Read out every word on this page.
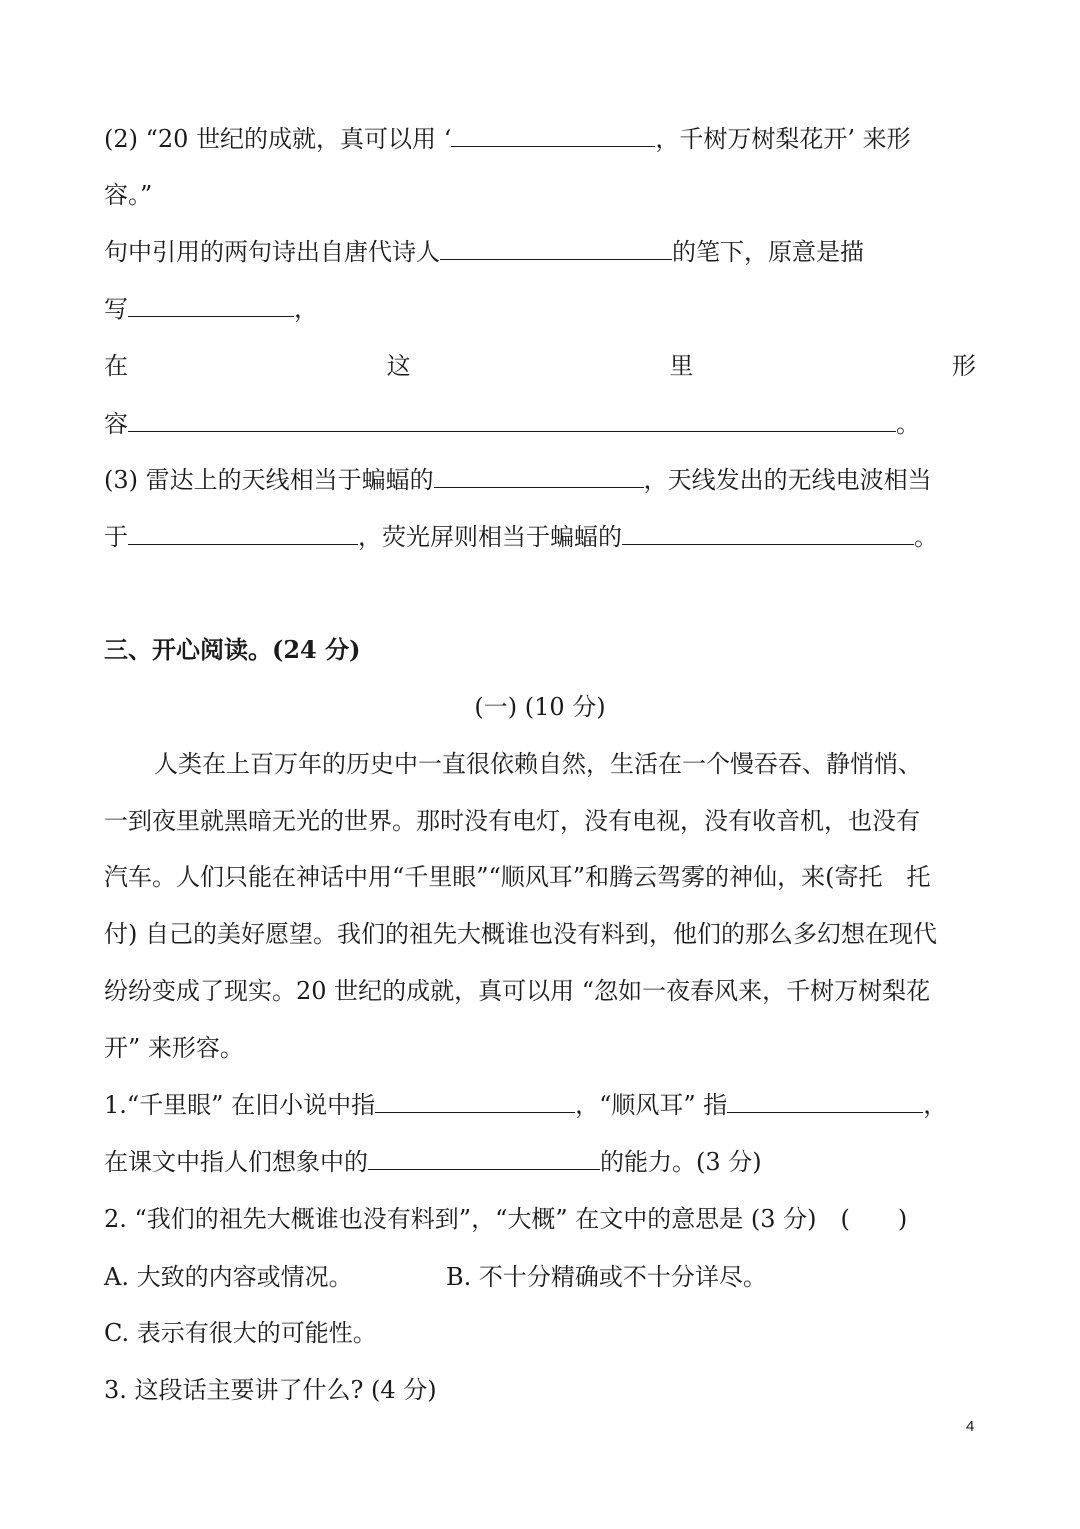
(2) “20 世纪的成就，真可以用 ‘	，千树万树梨花开’ 来形
容。”
句中引用的两句诗出自唐代诗人	的笔下，原意是描
写	，
在	这	里	形
容	。
(3) 雷达上的天线相当于蝙蝠的	，天线发出的无线电波相当
于	，荧光屏则相当于蝙蝠的	。
三、开心阅读。(24 分)
(一) (10 分)
人类在上百万年的历史中一直很依赖自然，生活在一个慢吞吞、静悄悄、
一到夜里就黑暗无光的世界。那时没有电灯，没有电视，没有收音机，也没有
汽车。人们只能在神话中用“千里眼”“顺风耳”和腾云驾雾的神仙，来(寄托　托
付) 自己的美好愿望。我们的祖先大概谁也没有料到，他们的那么多幻想在现代
纷纷变成了现实。20 世纪的成就，真可以用 “忽如一夜春风来，千树万树梨花
开” 来形容。
1.“千里眼” 在旧小说中指	，“顺风耳” 指	，
在课文中指人们想象中的	的能力。(3 分)
2. “我们的祖先大概谁也没有料到”，“大概” 在文中的意思是 (3 分)　(　　)
A. 大致的内容或情况。	B. 不十分精确或不十分详尽。
C. 表示有很大的可能性。
3. 这段话主要讲了什么? (4 分)
4
